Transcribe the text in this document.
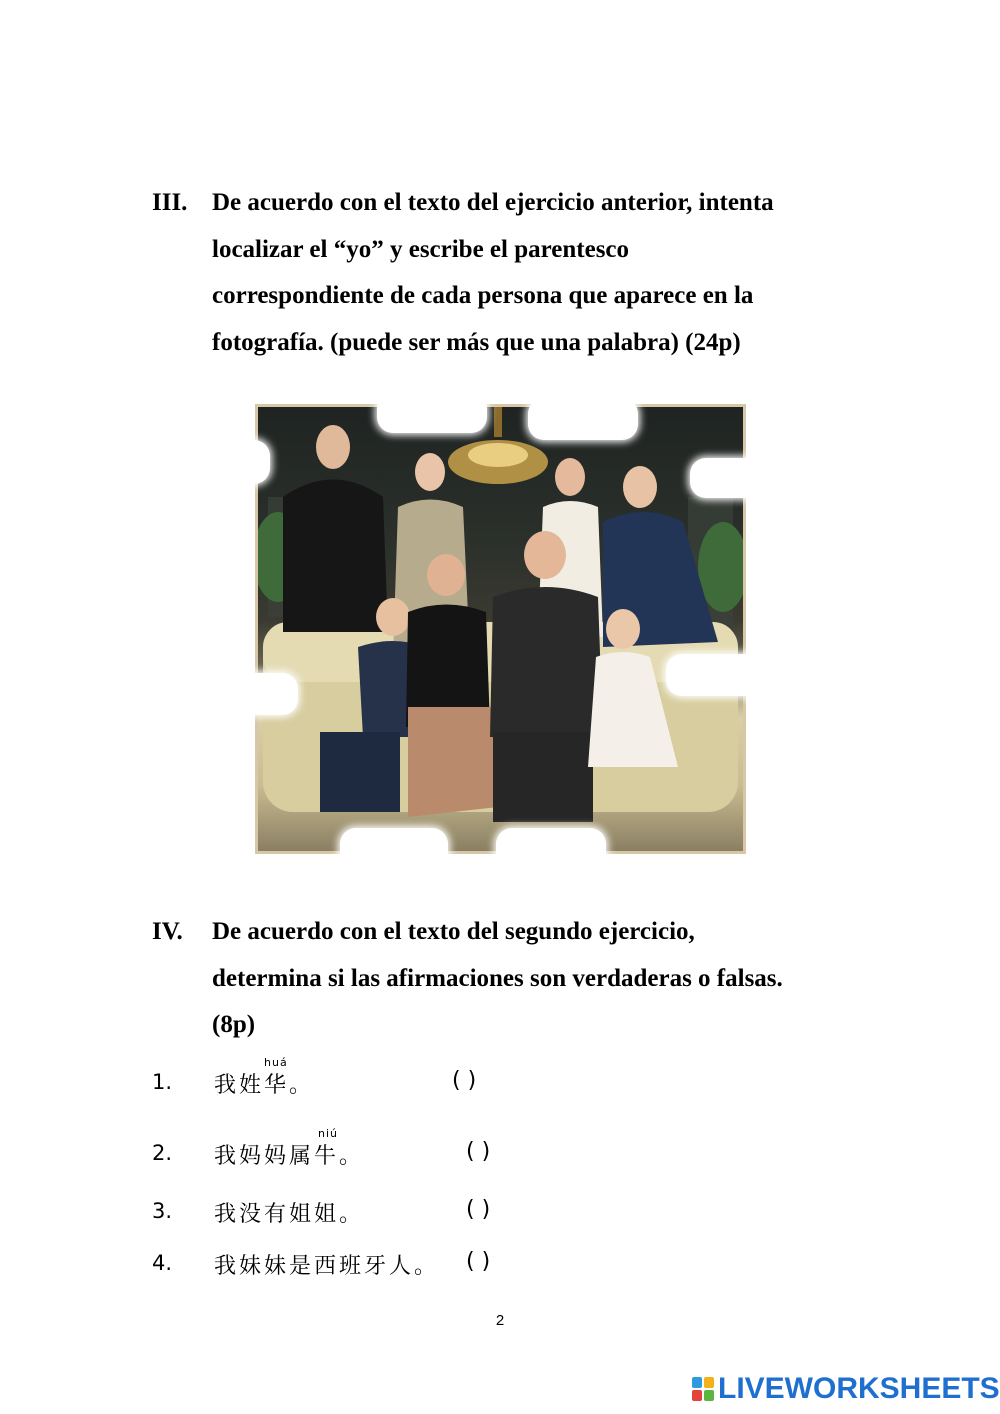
III. De acuerdo con el texto del ejercicio anterior, intenta
localizar el “yo” y escribe el parentesco
correspondiente de cada persona que aparece en la
fotografía. (puede ser más que una palabra) (24p)
IV. De acuerdo con el texto del segundo ejercicio,
determina si las afirmaciones son verdaderas o falsas.
(8p)
1.
huá
我姓华。	( )
2.
niú
我妈妈属牛。	( )
3. 我没有姐姐。	( )
4. 我妹妹是西班牙人。 ( )
2
LIVEWORKSHEETS
